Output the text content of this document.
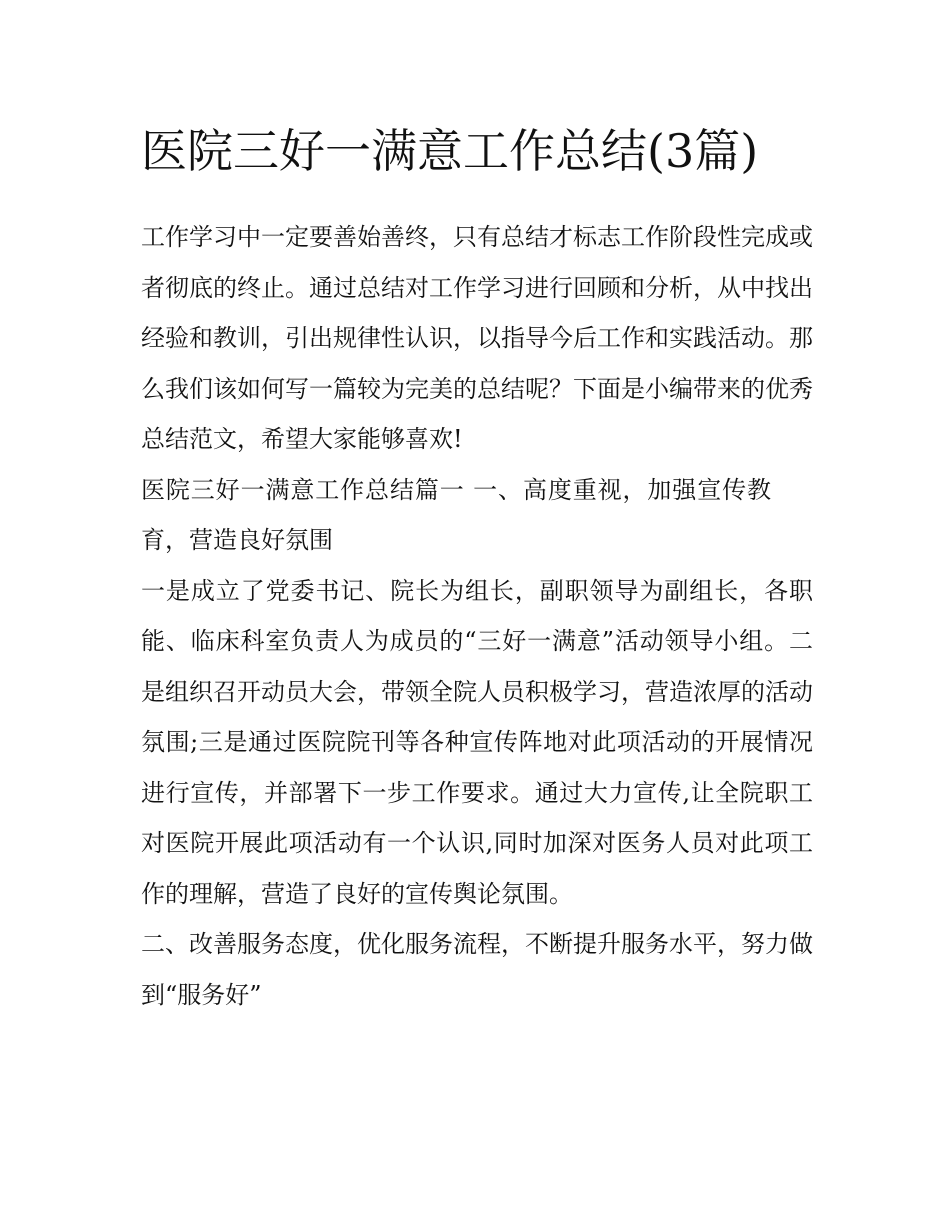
医院三好一满意工作总结(3篇)

工作学习中一定要善始善终，只有总结才标志工作阶段性完成或者彻底的终止。通过总结对工作学习进行回顾和分析，从中找出经验和教训，引出规律性认识，以指导今后工作和实践活动。那么我们该如何写一篇较为完美的总结呢？下面是小编带来的优秀总结范文，希望大家能够喜欢!

医院三好一满意工作总结篇一 一、高度重视，加强宣传教育，营造良好氛围

一是成立了党委书记、院长为组长，副职领导为副组长，各职能、临床科室负责人为成员的“三好一满意”活动领导小组。二是组织召开动员大会，带领全院人员积极学习，营造浓厚的活动氛围;三是通过医院院刊等各种宣传阵地对此项活动的开展情况进行宣传，并部署下一步工作要求。通过大力宣传,让全院职工对医院开展此项活动有一个认识,同时加深对医务人员对此项工作的理解，营造了良好的宣传舆论氛围。

二、改善服务态度，优化服务流程，不断提升服务水平，努力做到“服务好”
